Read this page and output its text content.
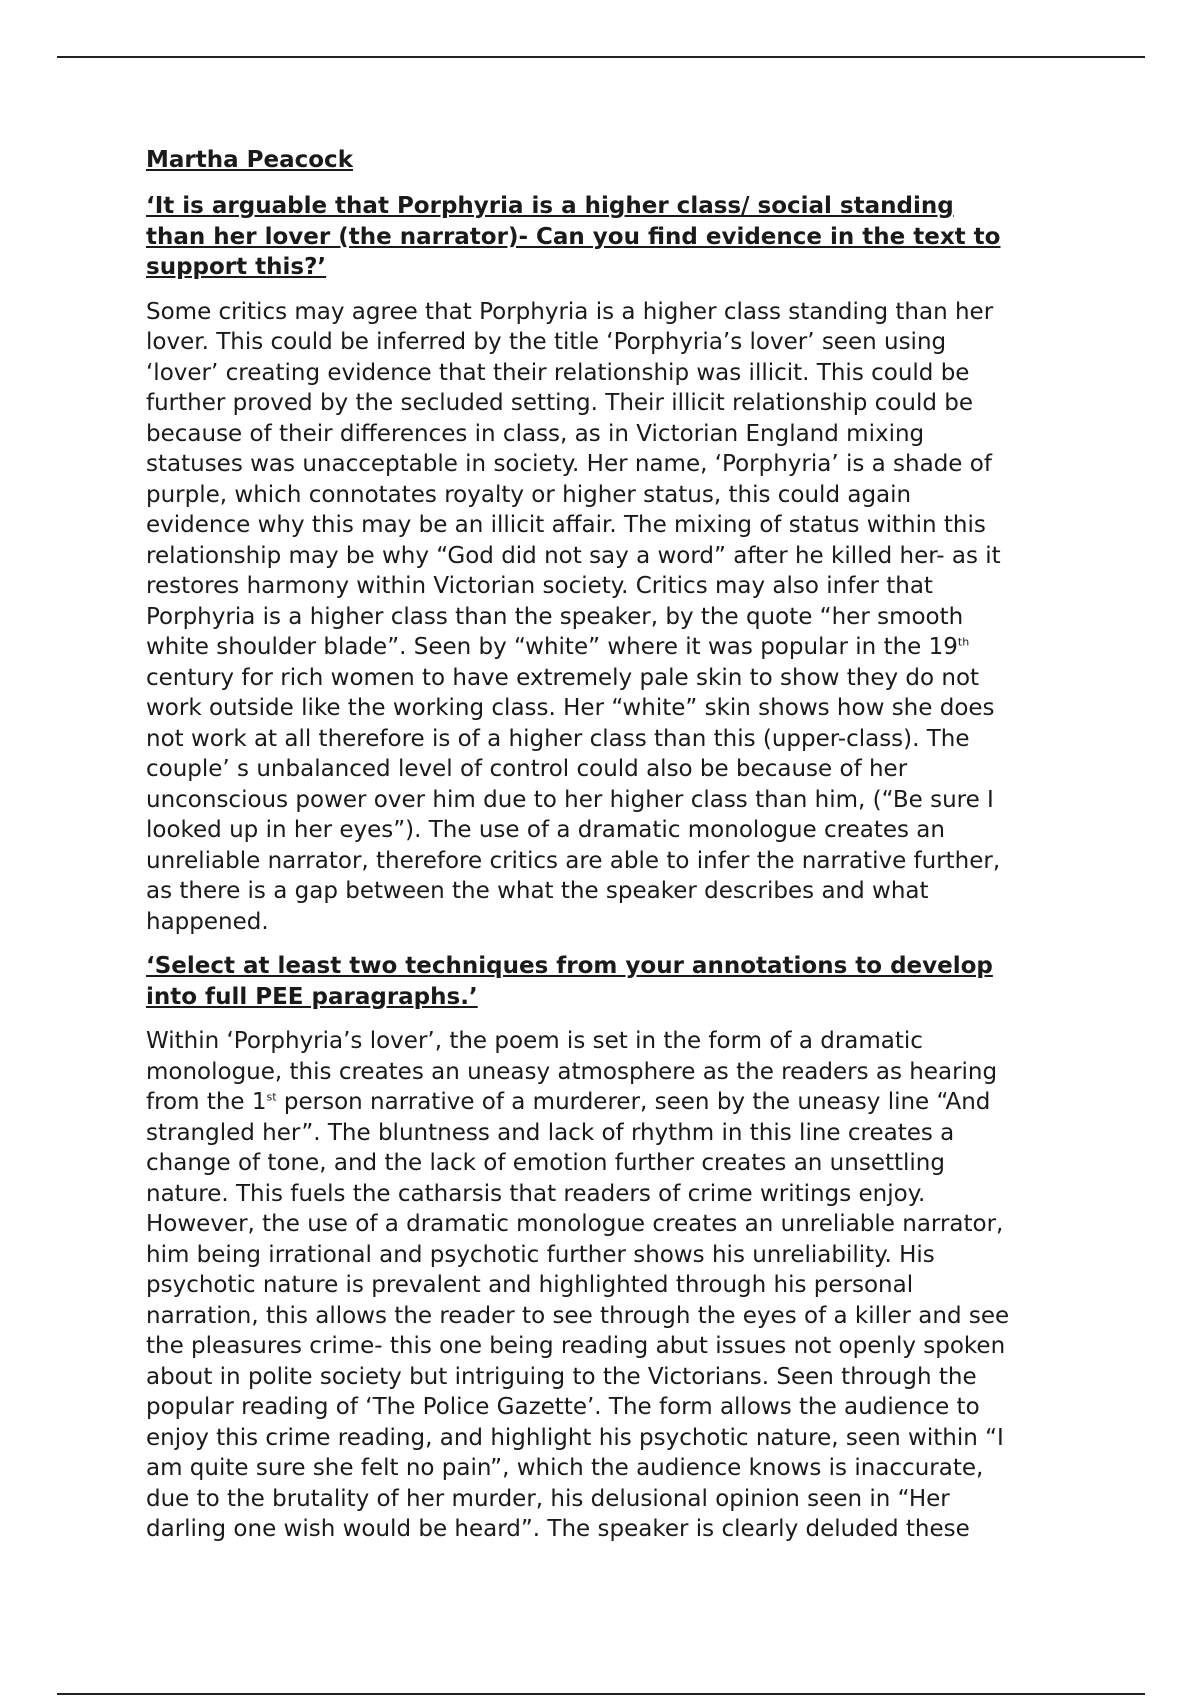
Martha Peacock
‘It is arguable that Porphyria is a higher class/ social standing
than her lover (the narrator)- Can you find evidence in the text to
support this?’
Some critics may agree that Porphyria is a higher class standing than her
lover. This could be inferred by the title ‘Porphyria’s lover’ seen using
‘lover’ creating evidence that their relationship was illicit. This could be
further proved by the secluded setting. Their illicit relationship could be
because of their differences in class, as in Victorian England mixing
statuses was unacceptable in society. Her name, ‘Porphyria’ is a shade of
purple, which connotates royalty or higher status, this could again
evidence why this may be an illicit affair. The mixing of status within this
relationship may be why “God did not say a word” after he killed her- as it
restores harmony within Victorian society. Critics may also infer that
Porphyria is a higher class than the speaker, by the quote “her smooth
white shoulder blade”. Seen by “white” where it was popular in the 19th
century for rich women to have extremely pale skin to show they do not
work outside like the working class. Her “white” skin shows how she does
not work at all therefore is of a higher class than this (upper-class). The
couple’ s unbalanced level of control could also be because of her
unconscious power over him due to her higher class than him, (“Be sure I
looked up in her eyes”). The use of a dramatic monologue creates an
unreliable narrator, therefore critics are able to infer the narrative further,
as there is a gap between the what the speaker describes and what
happened.
‘Select at least two techniques from your annotations to develop
into full PEE paragraphs.’
Within ‘Porphyria’s lover’, the poem is set in the form of a dramatic
monologue, this creates an uneasy atmosphere as the readers as hearing
from the 1st person narrative of a murderer, seen by the uneasy line “And
strangled her”. The bluntness and lack of rhythm in this line creates a
change of tone, and the lack of emotion further creates an unsettling
nature. This fuels the catharsis that readers of crime writings enjoy.
However, the use of a dramatic monologue creates an unreliable narrator,
him being irrational and psychotic further shows his unreliability. His
psychotic nature is prevalent and highlighted through his personal
narration, this allows the reader to see through the eyes of a killer and see
the pleasures crime- this one being reading abut issues not openly spoken
about in polite society but intriguing to the Victorians. Seen through the
popular reading of ‘The Police Gazette’. The form allows the audience to
enjoy this crime reading, and highlight his psychotic nature, seen within “I
am quite sure she felt no pain”, which the audience knows is inaccurate,
due to the brutality of her murder, his delusional opinion seen in “Her
darling one wish would be heard”. The speaker is clearly deluded these
